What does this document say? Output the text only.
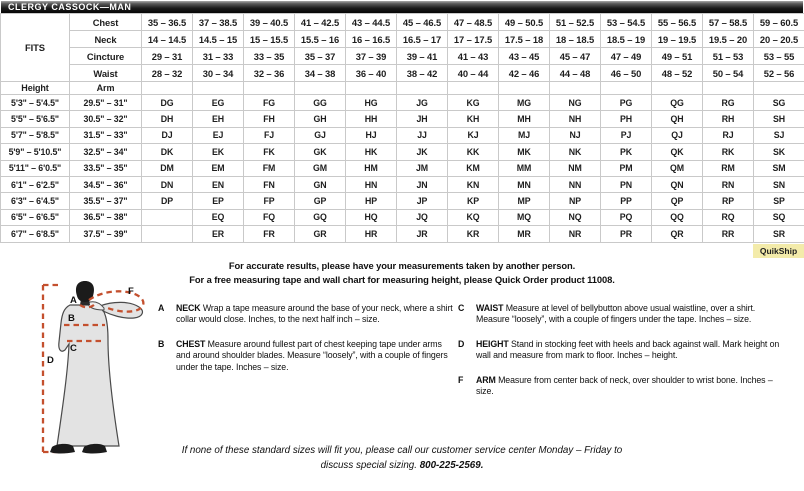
CLERGY CASSOCK—MAN
FITS	Chest	35 – 36.5	37 – 38.5	39 – 40.5	41 – 42.5	43 – 44.5	45 – 46.5	47 – 48.5	49 – 50.5	51 – 52.5	53 – 54.5	55 – 56.5	57 – 58.5	59 – 60.5
	Neck	14 – 14.5	14.5 – 15	15 – 15.5	15.5 – 16	16 – 16.5	16.5 – 17	17 – 17.5	17.5 – 18	18 – 18.5	18.5 – 19	19 – 19.5	19.5 – 20	20 – 20.5
	Cincture	29 – 31	31 – 33	33 – 35	35 – 37	37 – 39	39 – 41	41 – 43	43 – 45	45 – 47	47 – 49	49 – 51	51 – 53	53 – 55
	Waist	28 – 32	30 – 34	32 – 36	34 – 38	36 – 40	38 – 42	40 – 44	42 – 46	44 – 48	46 – 50	48 – 52	50 – 54	52 – 56
Height	Arm													
5'3" – 5'4.5"	29.5" – 31"	DG	EG	FG	GG	HG	JG	KG	MG	NG	PG	QG	RG	SG
5'5" – 5'6.5"	30.5" – 32"	DH	EH	FH	GH	HH	JH	KH	MH	NH	PH	QH	RH	SH
5'7" – 5'8.5"	31.5" – 33"	DJ	EJ	FJ	GJ	HJ	JJ	KJ	MJ	NJ	PJ	QJ	RJ	SJ
5'9" – 5'10.5"	32.5" – 34"	DK	EK	FK	GK	HK	JK	KK	MK	NK	PK	QK	RK	SK
5'11" – 6'0.5"	33.5" – 35"	DM	EM	FM	GM	HM	JM	KM	MM	NM	PM	QM	RM	SM
6'1" – 6'2.5"	34.5" – 36"	DN	EN	FN	GN	HN	JN	KN	MN	NN	PN	QN	RN	SN
6'3" – 6'4.5"	35.5" – 37"	DP	EP	FP	GP	HP	JP	KP	MP	NP	PP	QP	RP	SP
6'5" – 6'6.5"	36.5" – 38"		EQ	FQ	GQ	HQ	JQ	KQ	MQ	NQ	PQ	QQ	RQ	SQ
6'7" – 6'8.5"	37.5" – 39"		ER	FR	GR	HR	JR	KR	MR	NR	PR	QR	RR	SR
QuikShip
For accurate results, please have your measurements taken by another person.
For a free measuring tape and wall chart for measuring height, please Quick Order product 11008.
A
B
C
D
F
A	NECK Wrap a tape measure around the base of your neck, where a shirt collar would close. Inches, to the next half inch – size.
B	CHEST Measure around fullest part of chest keeping tape under arms and around shoulder blades. Measure “loosely”, with a couple of fingers under the tape. Inches – size.
C	WAIST Measure at level of bellybutton above usual waistline, over a shirt. Measure “loosely”, with a couple of fingers under the tape. Inches – size.
D	HEIGHT Stand in stocking feet with heels and back against wall. Mark height on wall and measure from mark to floor. Inches – height.
F	ARM Measure from center back of neck, over shoulder to wrist bone. Inches – size.
If none of these standard sizes will fit you, please call our customer service center Monday – Friday to discuss special sizing. 800-225-2569.
